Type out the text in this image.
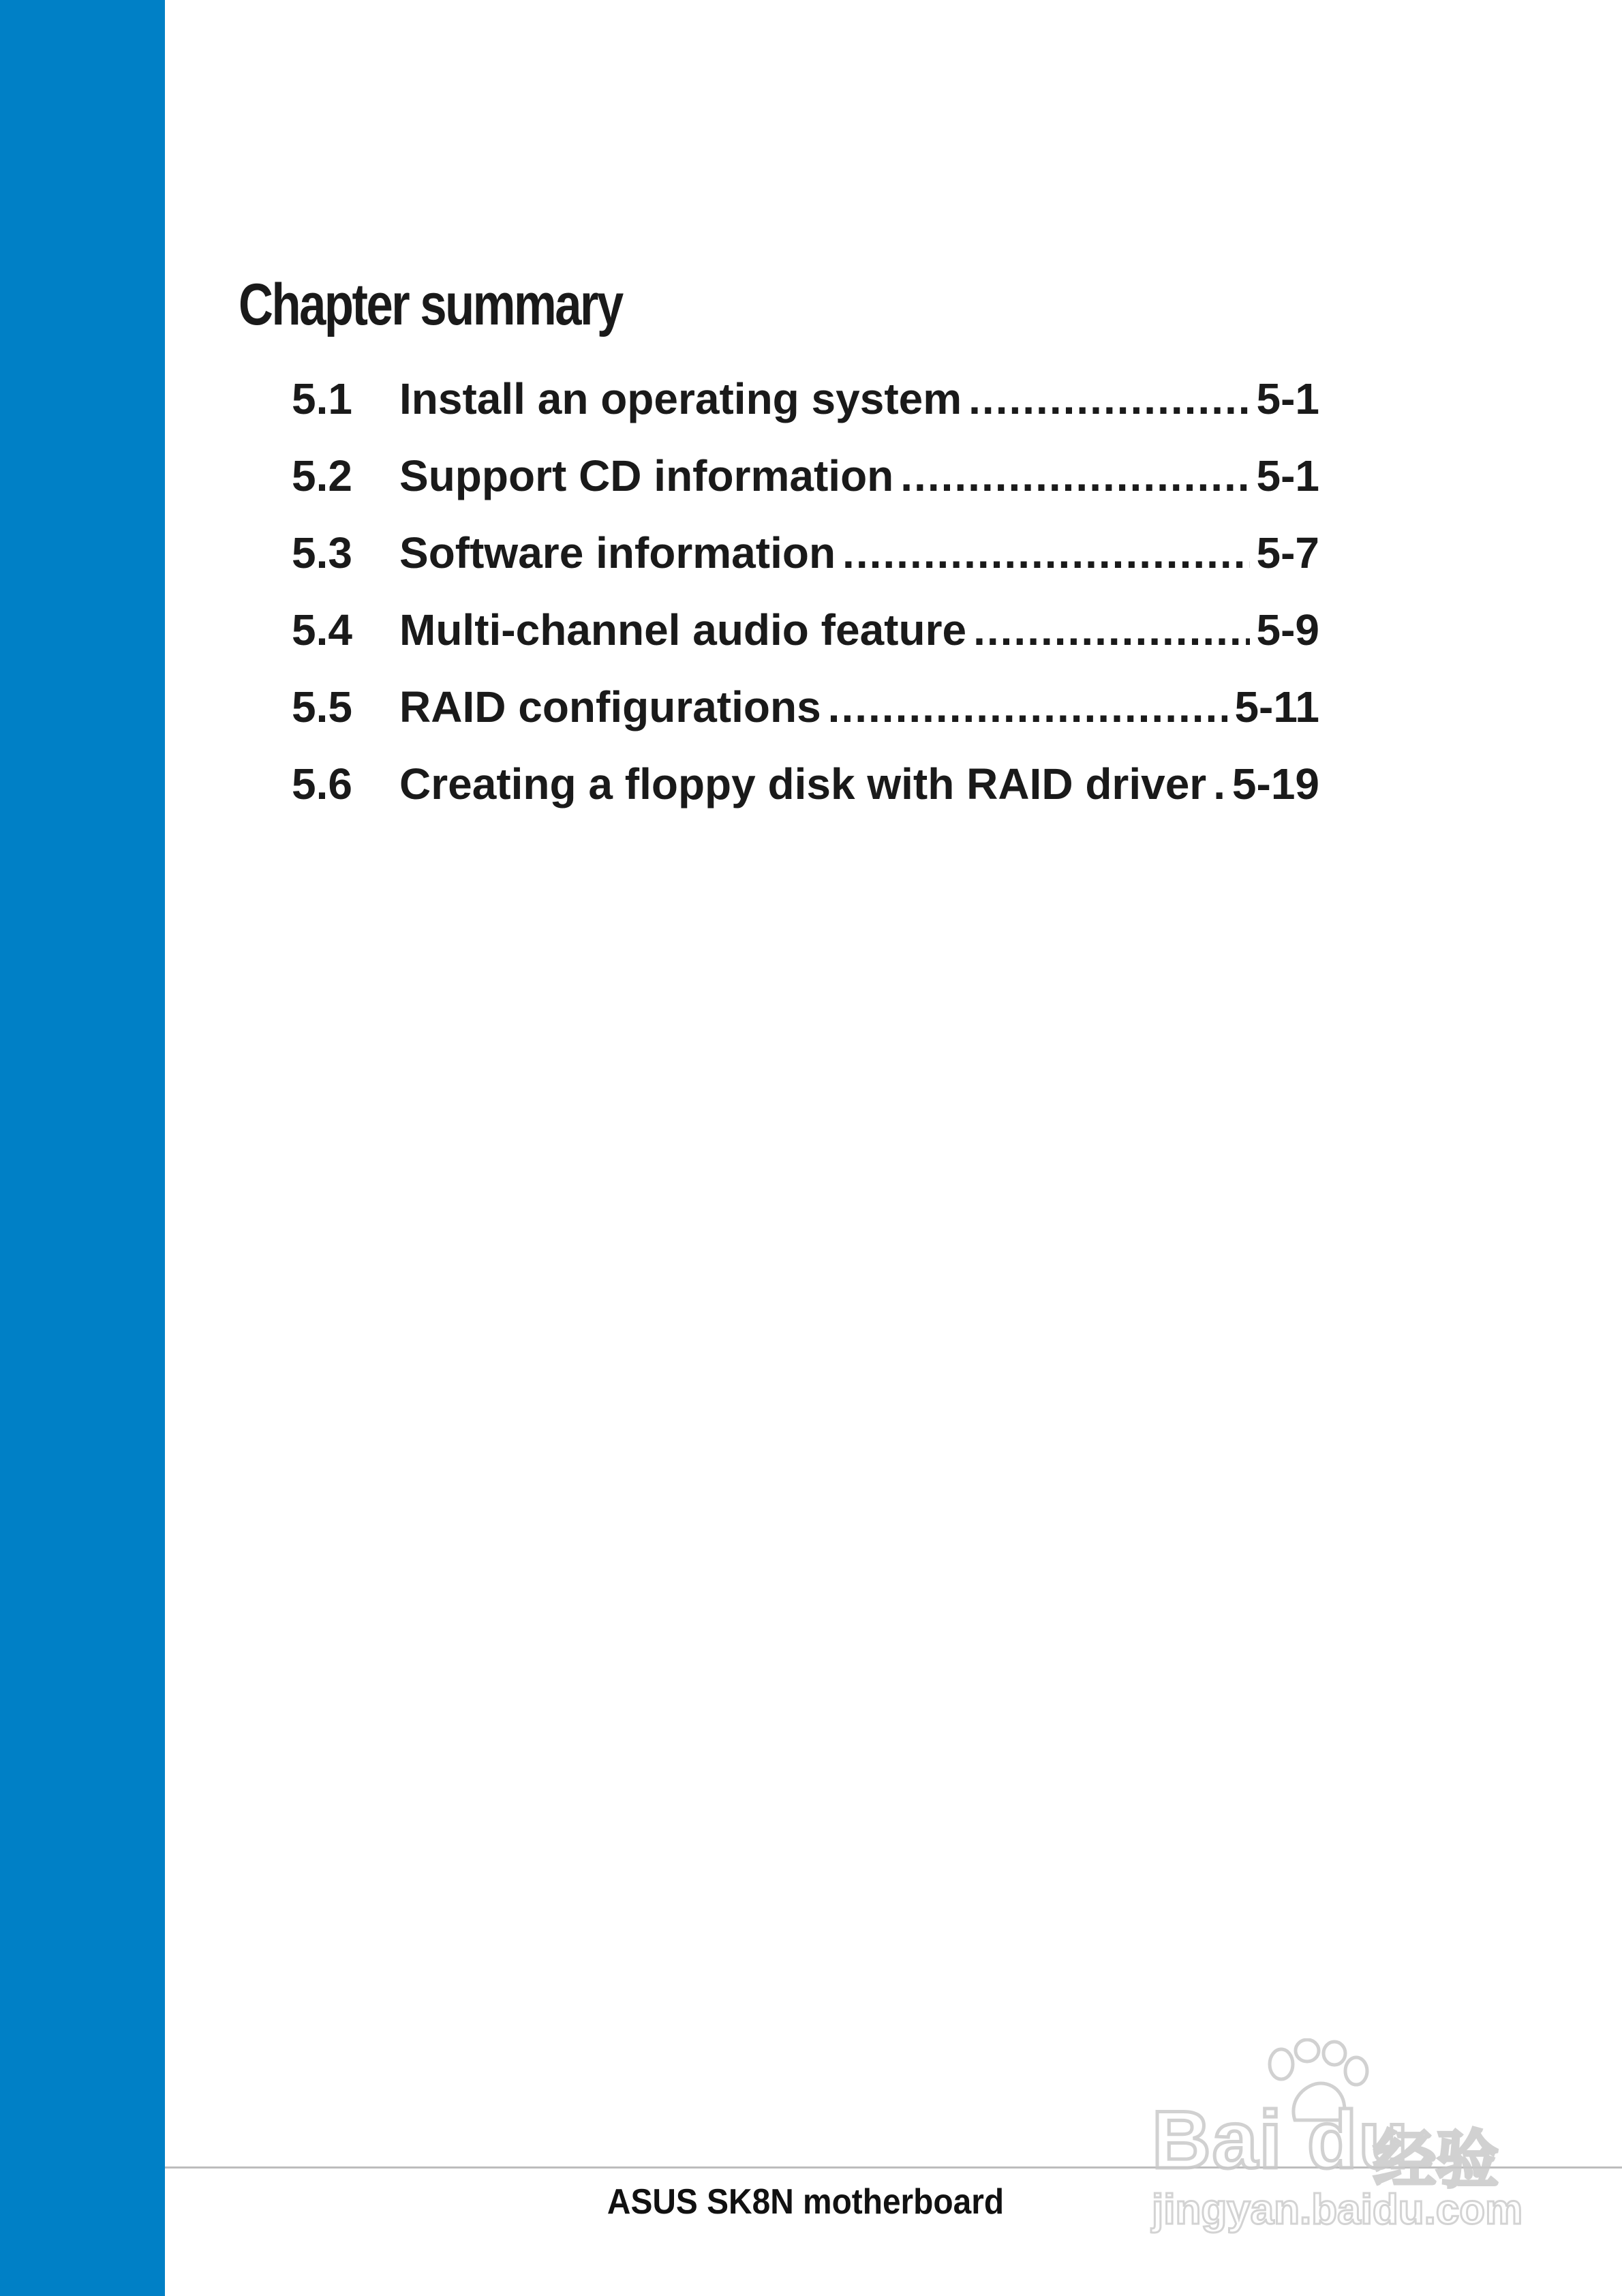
Chapter summary
5.1	Install an operating system .....	5-1
5.2	Support CD information .....	5-1
5.3	Software information .....	5-7
5.4	Multi-channel audio feature .....	5-9
5.5	RAID configurations .....	5-11
5.6	Creating a floppy disk with RAID driver ..... 5-19
ASUS SK8N motherboard
Bai du
经验
jingyan.baidu.com
